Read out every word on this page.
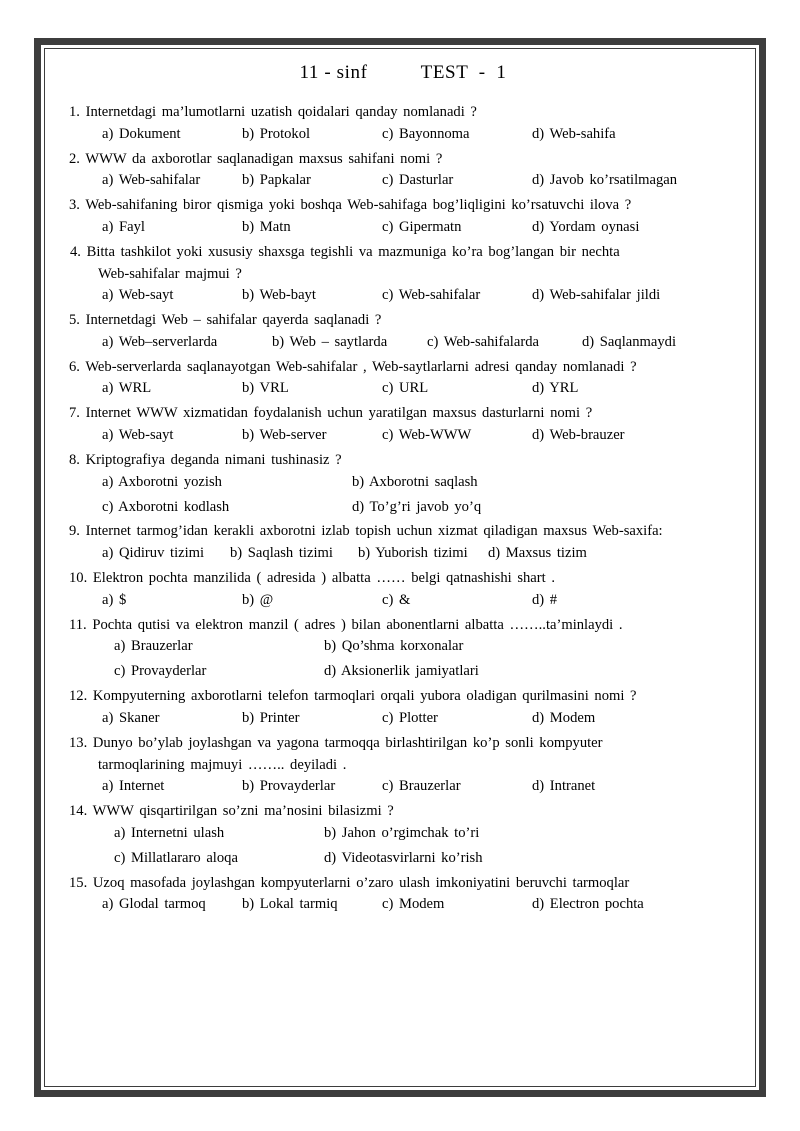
11 - sinf          TEST  -  1

1. Internetdagi ma’lumotlarni uzatish qoidalari qanday nomlanadi ?

a) Dokument	b) Protokol	c) Bayonnoma	d) Web-sahifa

2. WWW da axborotlar saqlanadigan maxsus sahifani nomi ?

a) Web-sahifalar	b) Papkalar	c) Dasturlar	d) Javob ko’rsatilmagan

3. Web-sahifaning biror qismiga yoki boshqa Web-sahifaga bog’liqligini ko’rsatuvchi ilova ?

a) Fayl	b) Matn	c) Gipermatn	d) Yordam oynasi

4. Bitta tashkilot yoki xususiy shaxsga tegishli va mazmuniga ko’ra bog’langan bir nechta

Web-sahifalar majmui ?

a) Web-sayt	b) Web-bayt	c) Web-sahifalar	d) Web-sahifalar jildi

5. Internetdagi Web – sahifalar qayerda saqlanadi ?

a) Web–serverlarda	b) Web – saytlarda	c) Web-sahifalarda	d) Saqlanmaydi

6. Web-serverlarda saqlanayotgan Web-sahifalar , Web-saytlarlarni adresi qanday nomlanadi ?

a) WRL	b) VRL	c) URL	d) YRL

7. Internet WWW xizmatidan foydalanish uchun yaratilgan maxsus dasturlarni nomi ?

a) Web-sayt	b) Web-server	c) Web-WWW	d) Web-brauzer

8. Kriptografiya deganda nimani tushinasiz ?

a) Axborotni yozish	b) Axborotni saqlash
c) Axborotni kodlash	d) To’g’ri javob yo’q

9. Internet tarmog’idan kerakli axborotni izlab topish uchun xizmat qiladigan maxsus Web-saxifa:

a) Qidiruv tizimi	b) Saqlash tizimi	b) Yuborish tizimi	d) Maxsus tizim

10. Elektron pochta manzilida ( adresida ) albatta …… belgi qatnashishi shart .

a) $	b) @	c) &	d) #

11. Pochta qutisi va elektron manzil ( adres ) bilan abonentlarni albatta ……..ta’minlaydi .

a) Brauzerlar	b) Qo’shma korxonalar
c) Provayderlar	d) Aksionerlik jamiyatlari

12. Kompyuterning axborotlarni telefon tarmoqlari orqali yubora oladigan qurilmasini nomi ?

a) Skaner	b) Printer	c) Plotter	d) Modem

13. Dunyo bo’ylab joylashgan va yagona tarmoqqa birlashtirilgan ko’p sonli kompyuter

tarmoqlarining majmuyi …….. deyiladi .

a) Internet	b) Provayderlar	c) Brauzerlar	d) Intranet

14. WWW qisqartirilgan so’zni ma’nosini bilasizmi ?

a) Internetni ulash	b) Jahon o’rgimchak to’ri
c) Millatlararo aloqa	d) Videotasvirlarni ko’rish

15. Uzoq masofada joylashgan kompyuterlarni o’zaro ulash imkoniyatini beruvchi tarmoqlar

a) Glodal tarmoq	b) Lokal tarmiq	c) Modem	d) Electron pochta
